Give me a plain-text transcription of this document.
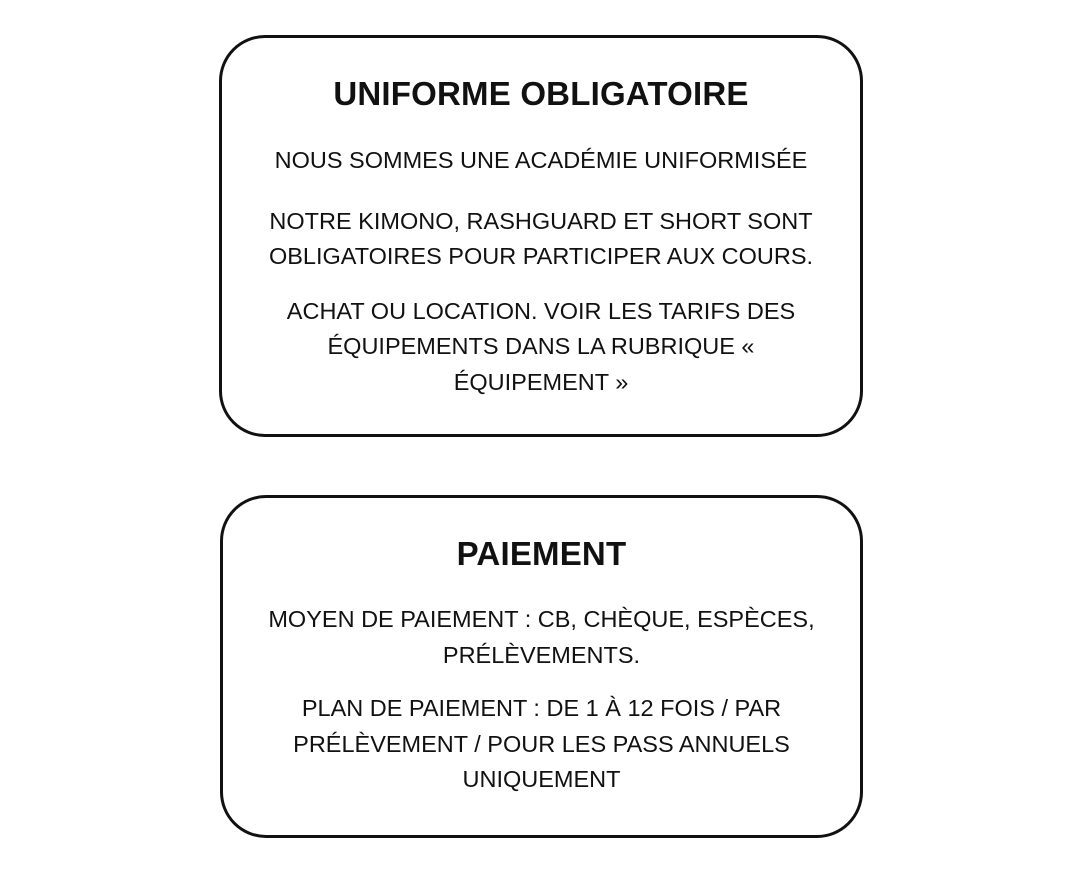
UNIFORME OBLIGATOIRE

NOUS SOMMES UNE ACADÉMIE UNIFORMISÉE

NOTRE KIMONO, RASHGUARD ET SHORT SONT OBLIGATOIRES POUR PARTICIPER AUX COURS.

ACHAT OU LOCATION. VOIR LES TARIFS DES ÉQUIPEMENTS DANS LA RUBRIQUE « ÉQUIPEMENT »

PAIEMENT

MOYEN DE PAIEMENT : CB, CHÈQUE, ESPÈCES, PRÉLÈVEMENTS.

PLAN DE PAIEMENT : DE 1 À 12 FOIS / PAR PRÉLÈVEMENT / POUR LES PASS ANNUELS UNIQUEMENT
